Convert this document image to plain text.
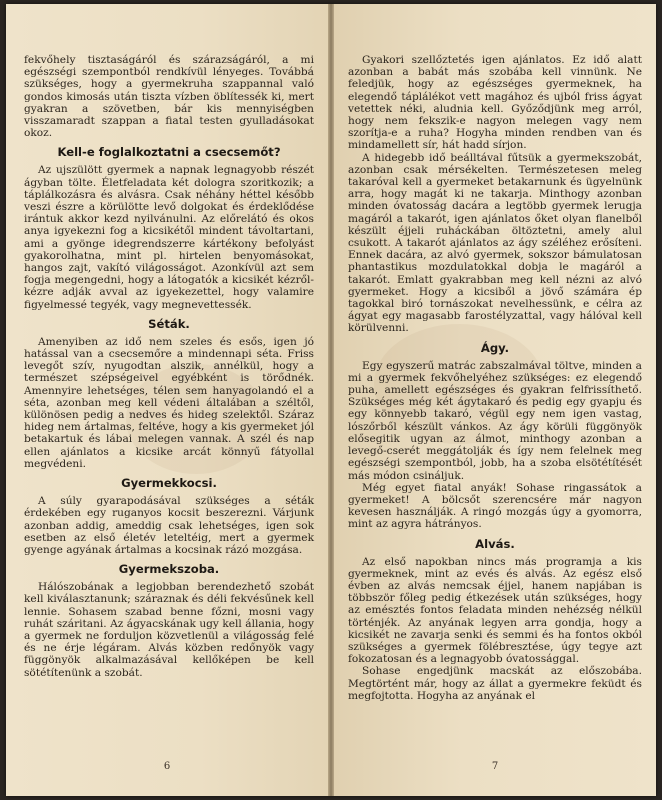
fekvőhely tisztaságáról és szárazságáról, a mi egészségi szempontból rendkívül lényeges. Továbbá szükséges, hogy a gyermekruha szappannal való gondos kimosás után tiszta vízben öblítessék ki, mert gyakran a szövetben, bár kis mennyiségben visszamaradt szappan a fiatal testen gyulladásokat okoz.

Kell-e foglalkoztatni a csecsemőt?

Az ujszülött gyermek a napnak legnagyobb részét ágyban tölte. Életfeladata két dologra szoritkozik; a táplálkozásra és alvásra. Csak néhány héttel később veszi észre a körülötte levő dolgokat és érdeklődése irántuk akkor kezd nyilvánulni. Az előrelátó és okos anya igyekezni fog a kicsikétől mindent távoltartani, ami a gyönge idegrendszerre kártékony befolyást gyakorolhatna, mint pl. hirtelen benyomásokat, hangos zajt, vakító világosságot. Azonkívül azt sem fogja megengedni, hogy a látogatók a kicsikét kézről-kézre adják avval az igyekezettel, hogy valamire figyelmessé tegyék, vagy megnevettessék.

Séták.

Amenyiben az idő nem szeles és esős, igen jó hatással van a csecsemőre a mindennapi séta. Friss levegőt szív, nyugodtan alszik, annélkül, hogy a természet szépségeivel egyébként is törődnék. Amennyire lehetséges, télen sem hanyagolandó el a séta, azonban meg kell védeni általában a széltől, különösen pedig a nedves és hideg szelektől. Száraz hideg nem ártalmas, feltéve, hogy a kis gyermeket jól betakartuk és lábai melegen vannak. A szél és nap ellen ajánlatos a kicsike arcát könnyű fátyollal megvédeni.

Gyermekkocsi.

A súly gyarapodásával szükséges a séták érdekében egy ruganyos kocsit beszerezni. Várjunk azonban addig, ameddig csak lehetséges, igen sok esetben az első életév leteltéig, mert a gyermek gyenge agyának ártalmas a kocsinak rázó mozgása.

Gyermekszoba.

Hálószobának a legjobban berendezhető szobát kell kiválasztanunk; száraznak és déli fekvésűnek kell lennie. Sohasem szabad benne főzni, mosni vagy ruhát száritani. Az ágyacskának ugy kell állania, hogy a gyermek ne forduljon közvetlenül a világosság felé és ne érje légáram. Alvás közben redőnyök vagy függönyök alkalmazásával kellőképen be kell sötétítenünk a szobát.

6

Gyakori szellőztetés igen ajánlatos. Ez idő alatt azonban a babát más szobába kell vinnünk. Ne feledjük, hogy az egészséges gyermeknek, ha elegendő táplálékot vett magához és ujból friss ágyat vetettek néki, aludnia kell. Győződjünk meg arról, hogy nem fekszik-e nagyon melegen vagy nem szorítja-e a ruha? Hogyha minden rendben van és mindamellett sír, hát hadd sírjon.

A hidegebb idő beálltával fűtsük a gyermekszobát, azonban csak mérsékelten. Természetesen meleg takaróval kell a gyermeket betakarnunk és ügyelnünk arra, hogy magát ki ne takarja. Minthogy azonban minden óvatosság dacára a legtöbb gyermek lerugja magáról a takarót, igen ajánlatos őket olyan flanelből készült éjjeli ruháckában öltöztetni, amely alul csukott. A takarót ajánlatos az ágy széléhez erősíteni. Ennek dacára, az alvó gyermek, sokszor bámulatosan phantastikus mozdulatokkal dobja le magáról a takarót. Emlatt gyakrabban meg kell nézni az alvó gyermeket. Hogy a kicsiből a jövő számára ép tagokkal biró tornászokat nevelhessünk, e célra az ágyat egy magasabb farostélyzattal, vagy hálóval kell körülvenni.

Ágy.

Egy egyszerű matrác zabszalmával töltve, minden a mi a gyermek fekvőhelyéhez szükséges: ez elegendő puha, amellett egészséges és gyakran felfrissíthető. Szükséges még két ágytakaró és pedig egy gyapju és egy könnyebb takaró, végül egy nem igen vastag, lószőrből készült vánkos. Az ágy körüli függönyök elősegitik ugyan az álmot, minthogy azonban a levegő-cserét meggátolják és így nem felelnek meg egészségi szempontból, jobb, ha a szoba elsötétítését más módon csináljuk.

Még egyet fiatal anyák! Sohase ringassátok a gyermeket! A bölcsőt szerencsére már nagyon kevesen használják. A ringó mozgás úgy a gyomorra, mint az agyra hátrányos.

Alvás.

Az első napokban nincs más programja a kis gyermeknek, mint az evés és alvás. Az egész első évben az alvás nemcsak éjjel, hanem napjában is többször főleg pedig étkezések után szükséges, hogy az emésztés fontos feladata minden nehézség nélkül történjék. Az anyának legyen arra gondja, hogy a kicsikét ne zavarja senki és semmi és ha fontos okból szükséges a gyermek fölébresztése, úgy tegye azt fokozatosan és a legnagyobb óvatossággal.

Sohase engedjünk macskát az előszobába. Megtörtént már, hogy az állat a gyermekre feküdt és megfojtotta. Hogyha az anyának el

7
